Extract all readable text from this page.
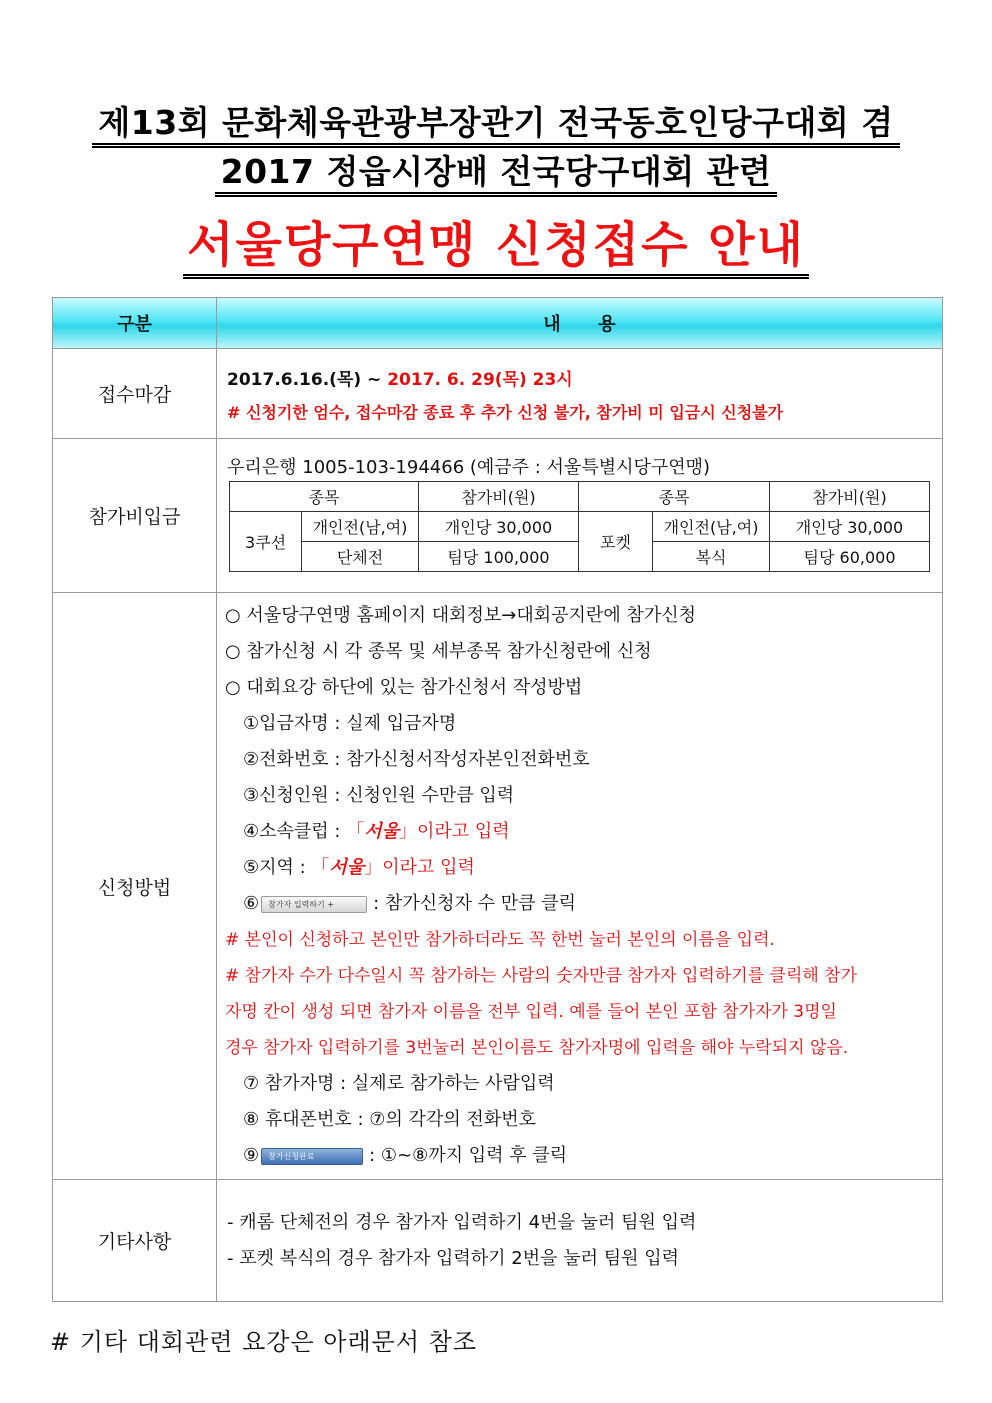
제13회 문화체육관광부장관기 전국동호인당구대회 겸
2017 정읍시장배 전국당구대회 관련
서울당구연맹 신청접수 안내
구분	내      용
접수마감	
2017.6.16.(목) ~ 2017. 6. 29(목) 23시
# 신청기한 엄수, 접수마감 종료 후 추가 신청 불가, 참가비 미 입금시 신청불가

참가비입금	
우리은행 1005-103-194466 (예금주 : 서울특별시당구연맹)
종목	참가비(원)	종목	참가비(원)
3쿠션	개인전(남,여)	개인당 30,000	포켓	개인전(남,여)	개인당 30,000
단체전	팀당 100,000	복식	팀당 60,000

신청방법	
○ 서울당구연맹 홈페이지 대회정보→대회공지란에 참가신청
○ 참가신청 시 각 종목 및 세부종목 참가신청란에 신청
○ 대회요강 하단에 있는 참가신청서 작성방법
①입금자명 : 실제 입금자명
②전화번호 : 참가신청서작성자본인전화번호
③신청인원 : 신청인원 수만큼 입력
④소속클럽 : 「서울」이라고 입력
⑤지역 : 「서울」이라고 입력
⑥ 참가자 입력하기 + : 참가신청자 수 만큼 클릭
# 본인이 신청하고 본인만 참가하더라도 꼭 한번 눌러 본인의 이름을 입력.
# 참가자 수가 다수일시 꼭 참가하는 사람의 숫자만큼 참가자 입력하기를 클릭해 참가
자명 칸이 생성 되면 참가자 이름을 전부 입력. 예를 들어 본인 포함 참가자가 3명일
경우 참가자 입력하기를 3번눌러 본인이름도 참가자명에 입력을 해야 누락되지 않음.
⑦ 참가자명 : 실제로 참가하는 사람입력
⑧ 휴대폰번호 : ⑦의 각각의 전화번호
⑨ 참가신청완료	: ①~⑧까지 입력 후 클릭

기타사항	
- 캐롬 단체전의 경우 참가자 입력하기 4번을 눌러 팀원 입력
- 포켓 복식의 경우 참가자 입력하기 2번을 눌러 팀원 입력
# 기타 대회관련 요강은 아래문서 참조
